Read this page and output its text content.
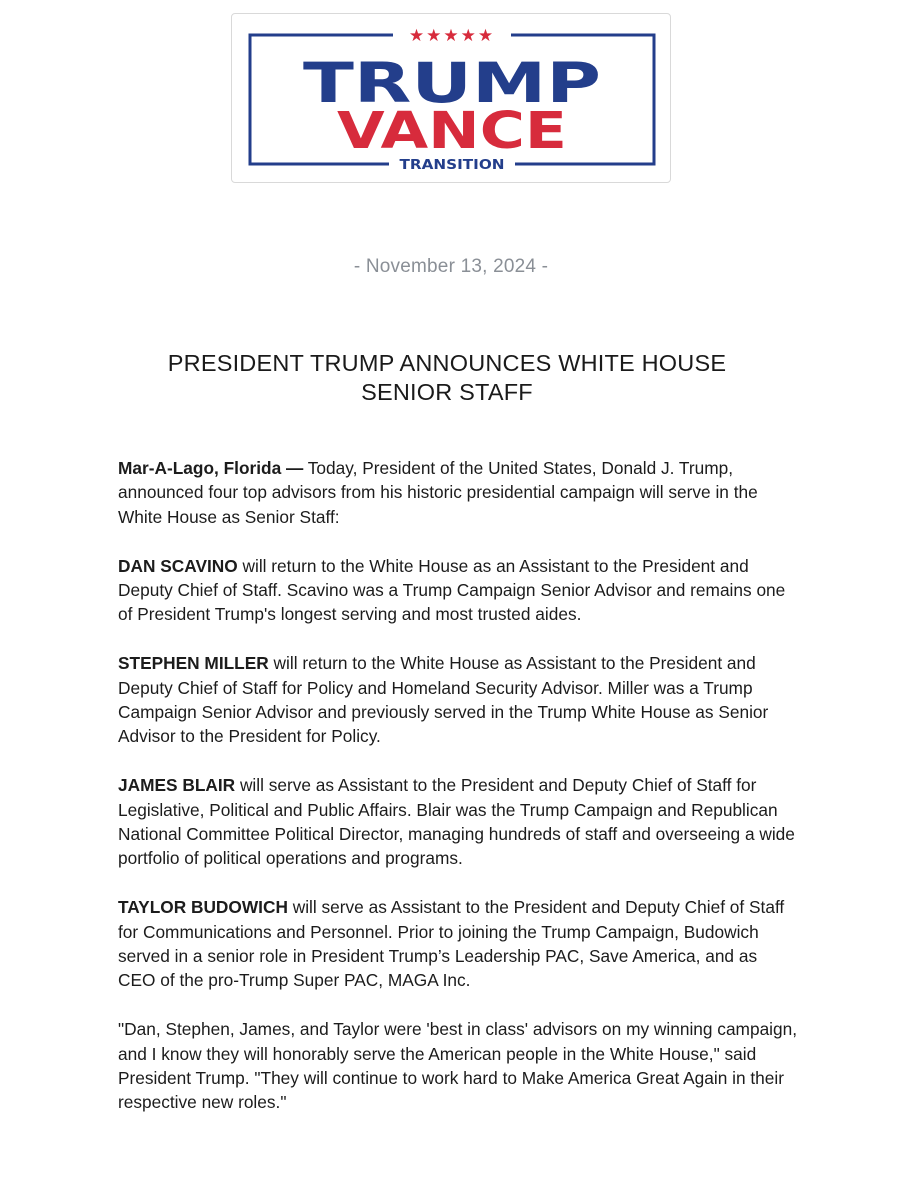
★★★★★
TRUMP
VANCE
TRANSITION
- November 13, 2024 -
PRESIDENT TRUMP ANNOUNCES WHITE HOUSE
SENIOR STAFF

Mar-A-Lago, Florida — Today, President of the United States, Donald J. Trump, announced four top advisors from his historic presidential campaign will serve in the White House as Senior Staff:

DAN SCAVINO will return to the White House as an Assistant to the President and Deputy Chief of Staff. Scavino was a Trump Campaign Senior Advisor and remains one of President Trump's longest serving and most trusted aides.

STEPHEN MILLER will return to the White House as Assistant to the President and Deputy Chief of Staff for Policy and Homeland Security Advisor. Miller was a Trump Campaign Senior Advisor and previously served in the Trump White House as Senior Advisor to the President for Policy.

JAMES BLAIR will serve as Assistant to the President and Deputy Chief of Staff for Legislative, Political and Public Affairs. Blair was the Trump Campaign and Republican National Committee Political Director, managing hundreds of staff and overseeing a wide portfolio of political operations and programs.

TAYLOR BUDOWICH will serve as Assistant to the President and Deputy Chief of Staff for Communications and Personnel. Prior to joining the Trump Campaign, Budowich served in a senior role in President Trump’s Leadership PAC, Save America, and as CEO of the pro-Trump Super PAC, MAGA Inc.

"Dan, Stephen, James, and Taylor were 'best in class' advisors on my winning campaign, and I know they will honorably serve the American people in the White House," said President Trump. "They will continue to work hard to Make America Great Again in their respective new roles."
